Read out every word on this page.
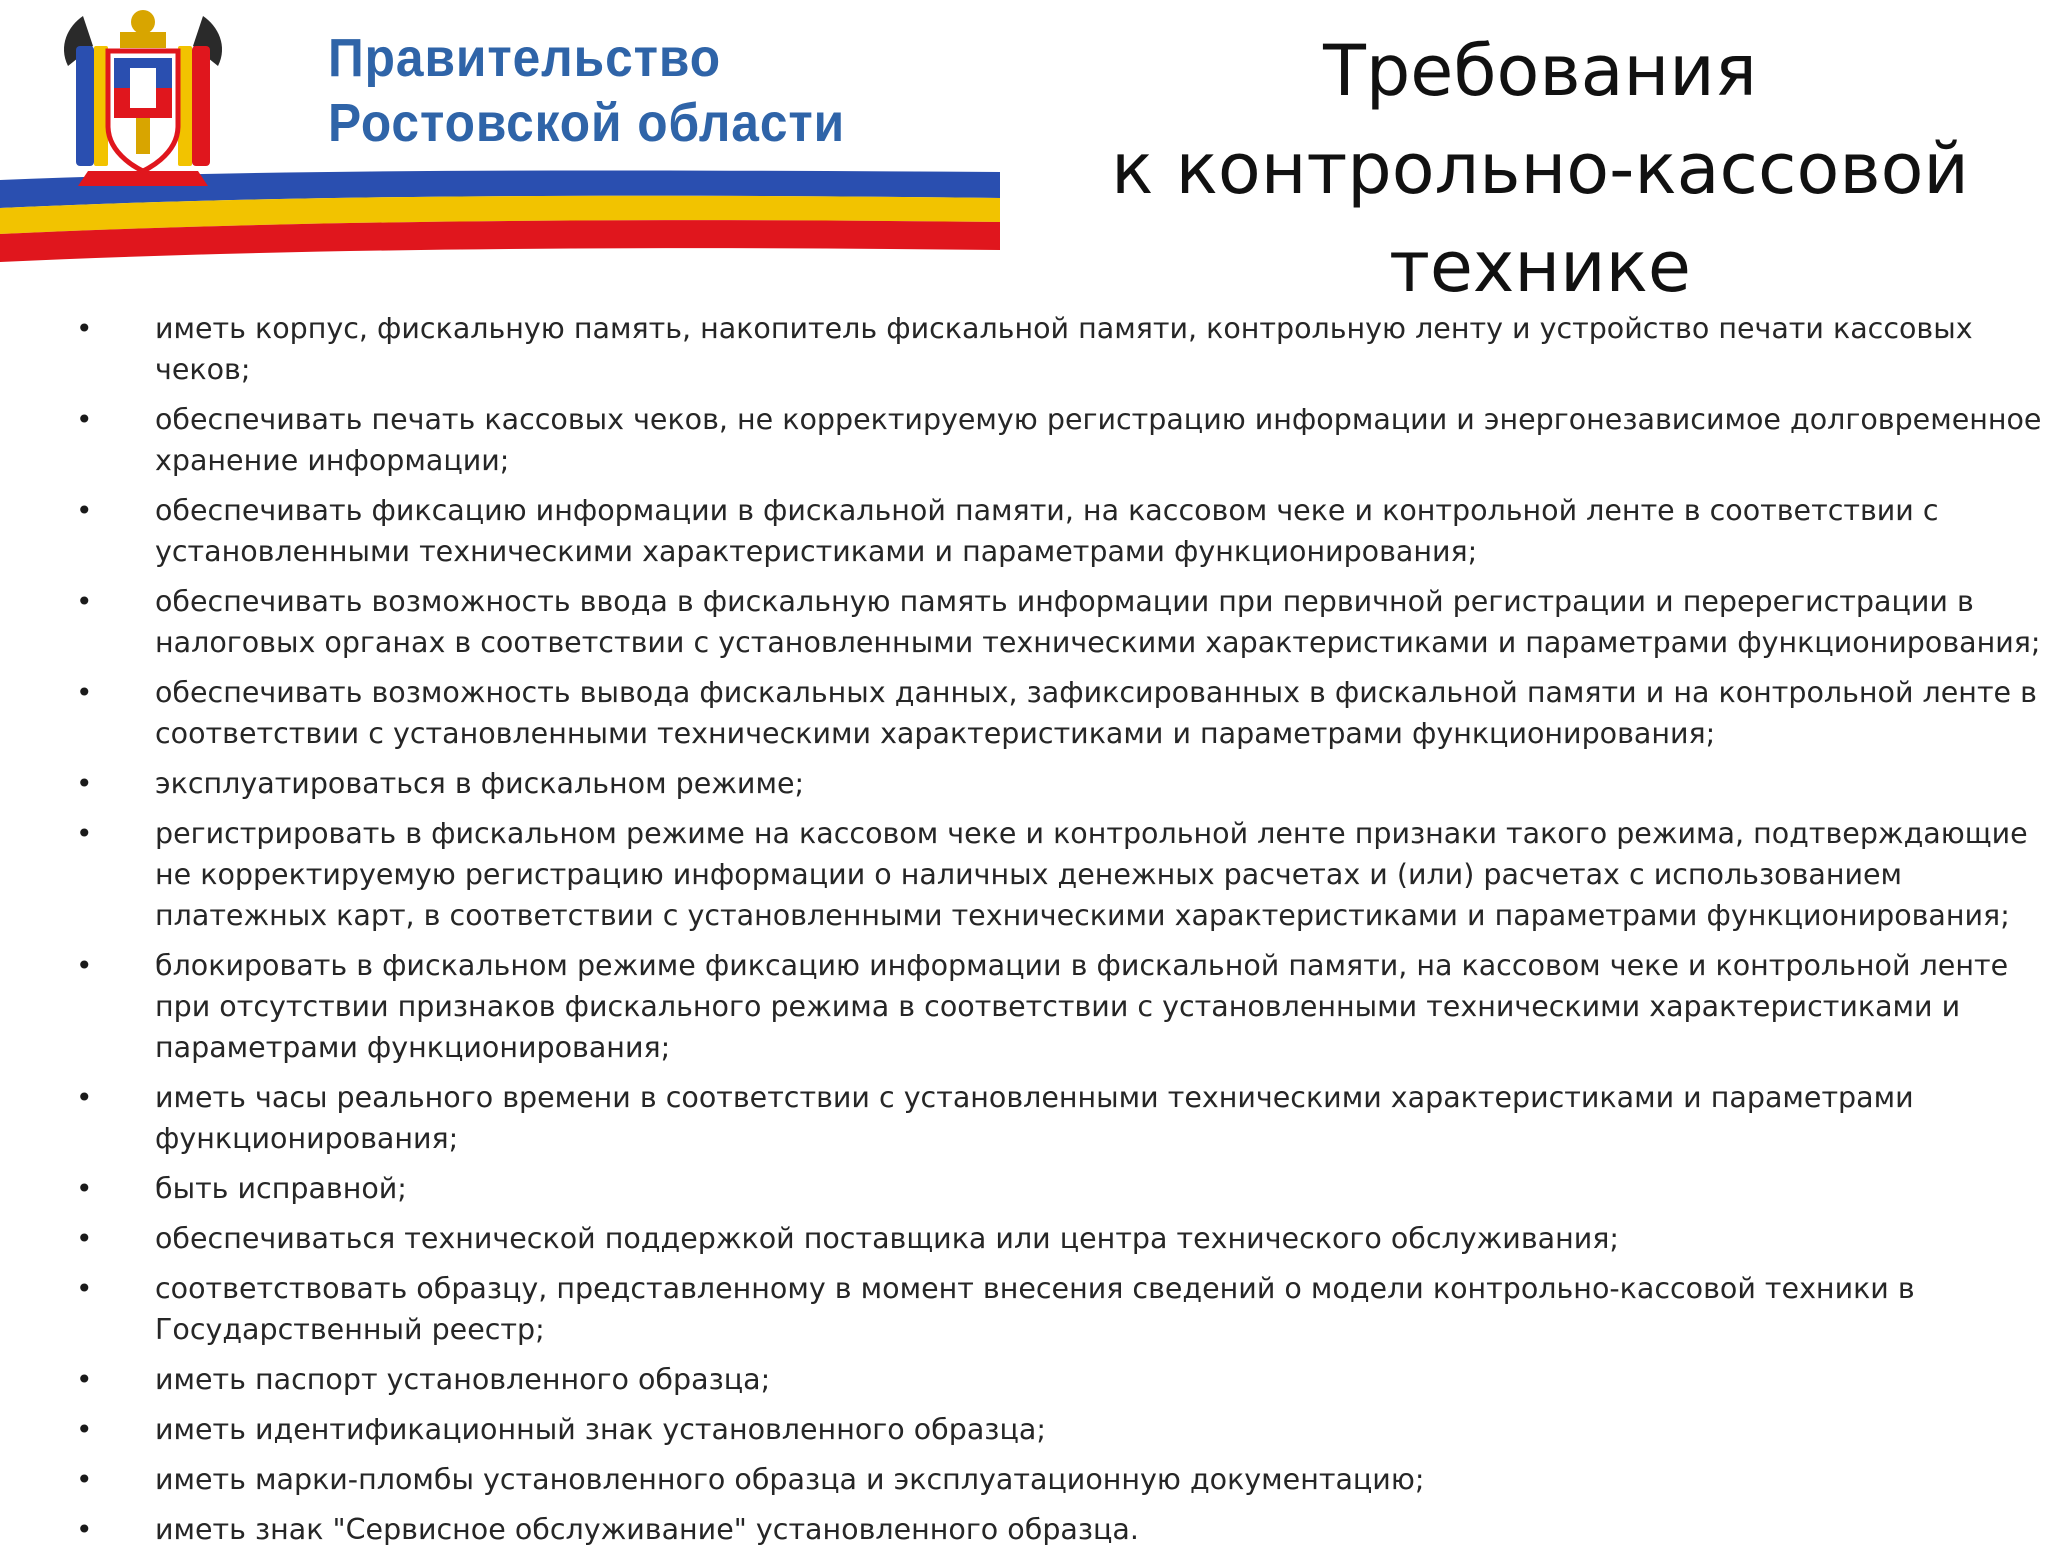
Правительство
Ростовской области
Требования
к контрольно-кассовой
технике
• иметь корпус, фискальную память, накопитель фискальной памяти, контрольную ленту и устройство печати кассовых чеков;
• обеспечивать печать кассовых чеков, не корректируемую регистрацию информации и энергонезависимое долговременное хранение информации;
• обеспечивать фиксацию информации в фискальной памяти, на кассовом чеке и контрольной ленте в соответствии с установленными техническими характеристиками и параметрами функционирования;
• обеспечивать возможность ввода в фискальную память информации при первичной регистрации и перерегистрации в налоговых органах в соответствии с установленными техническими характеристиками и параметрами функционирования;
• обеспечивать возможность вывода фискальных данных, зафиксированных в фискальной памяти и на контрольной ленте в соответствии с установленными техническими характеристиками и параметрами функционирования;
• эксплуатироваться в фискальном режиме;
• регистрировать в фискальном режиме на кассовом чеке и контрольной ленте признаки такого режима, подтверждающие не корректируемую регистрацию информации о наличных денежных расчетах и (или) расчетах с использованием платежных карт, в соответствии с установленными техническими характеристиками и параметрами функционирования;
• блокировать в фискальном режиме фиксацию информации в фискальной памяти, на кассовом чеке и контрольной ленте при отсутствии признаков фискального режима в соответствии с установленными техническими характеристиками и параметрами функционирования;
• иметь часы реального времени в соответствии с установленными техническими характеристиками и параметрами функционирования;
• быть исправной;
• обеспечиваться технической поддержкой поставщика или центра технического обслуживания;
• соответствовать образцу, представленному в момент внесения сведений о модели контрольно-кассовой техники в Государственный реестр;
• иметь паспорт установленного образца;
• иметь идентификационный знак установленного образца;
• иметь марки-пломбы установленного образца и эксплуатационную документацию;
• иметь знак "Сервисное обслуживание" установленного образца.
